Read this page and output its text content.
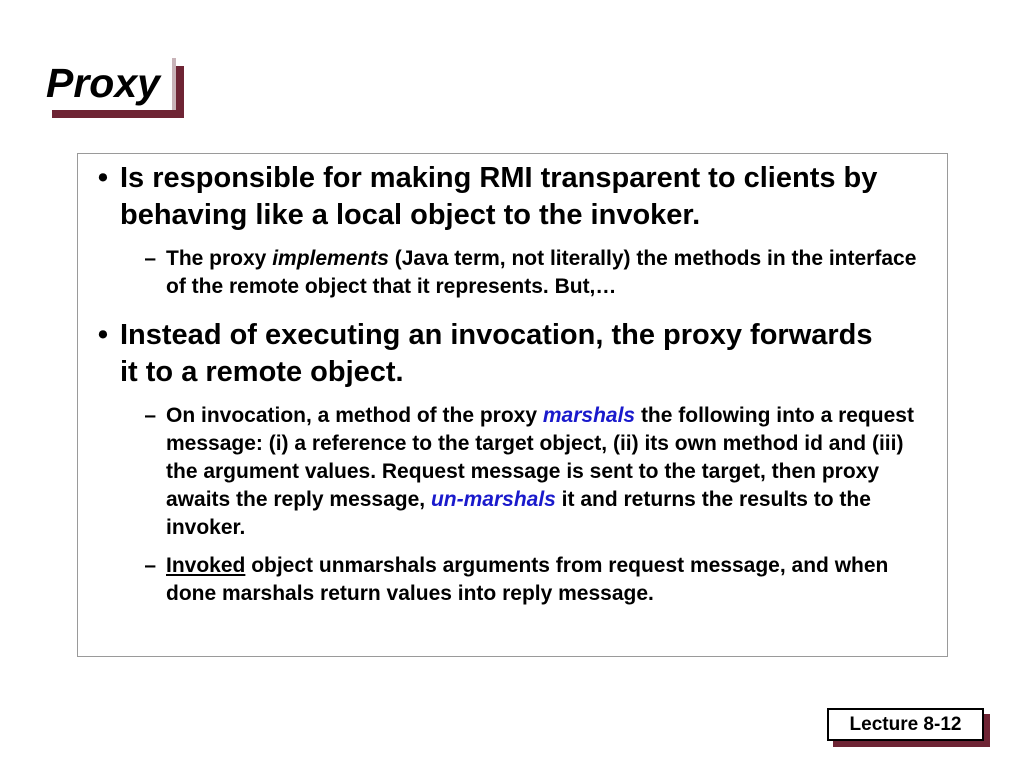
Proxy
• Is responsible for making RMI transparent to clients by behaving like a local object to the invoker.
– The proxy implements (Java term, not literally) the methods in the interface of the remote object that it represents. But,…
• Instead of executing an invocation, the proxy forwards it to a remote object.
– On invocation, a method of the proxy marshals the following into a request message: (i) a reference to the target object, (ii) its own method id and (iii) the argument values. Request message is sent to the target, then proxy awaits the reply message, un-marshals it and returns the results to the invoker.
– Invoked object unmarshals arguments from request message, and when done marshals return values into reply message.
Lecture 8-12
